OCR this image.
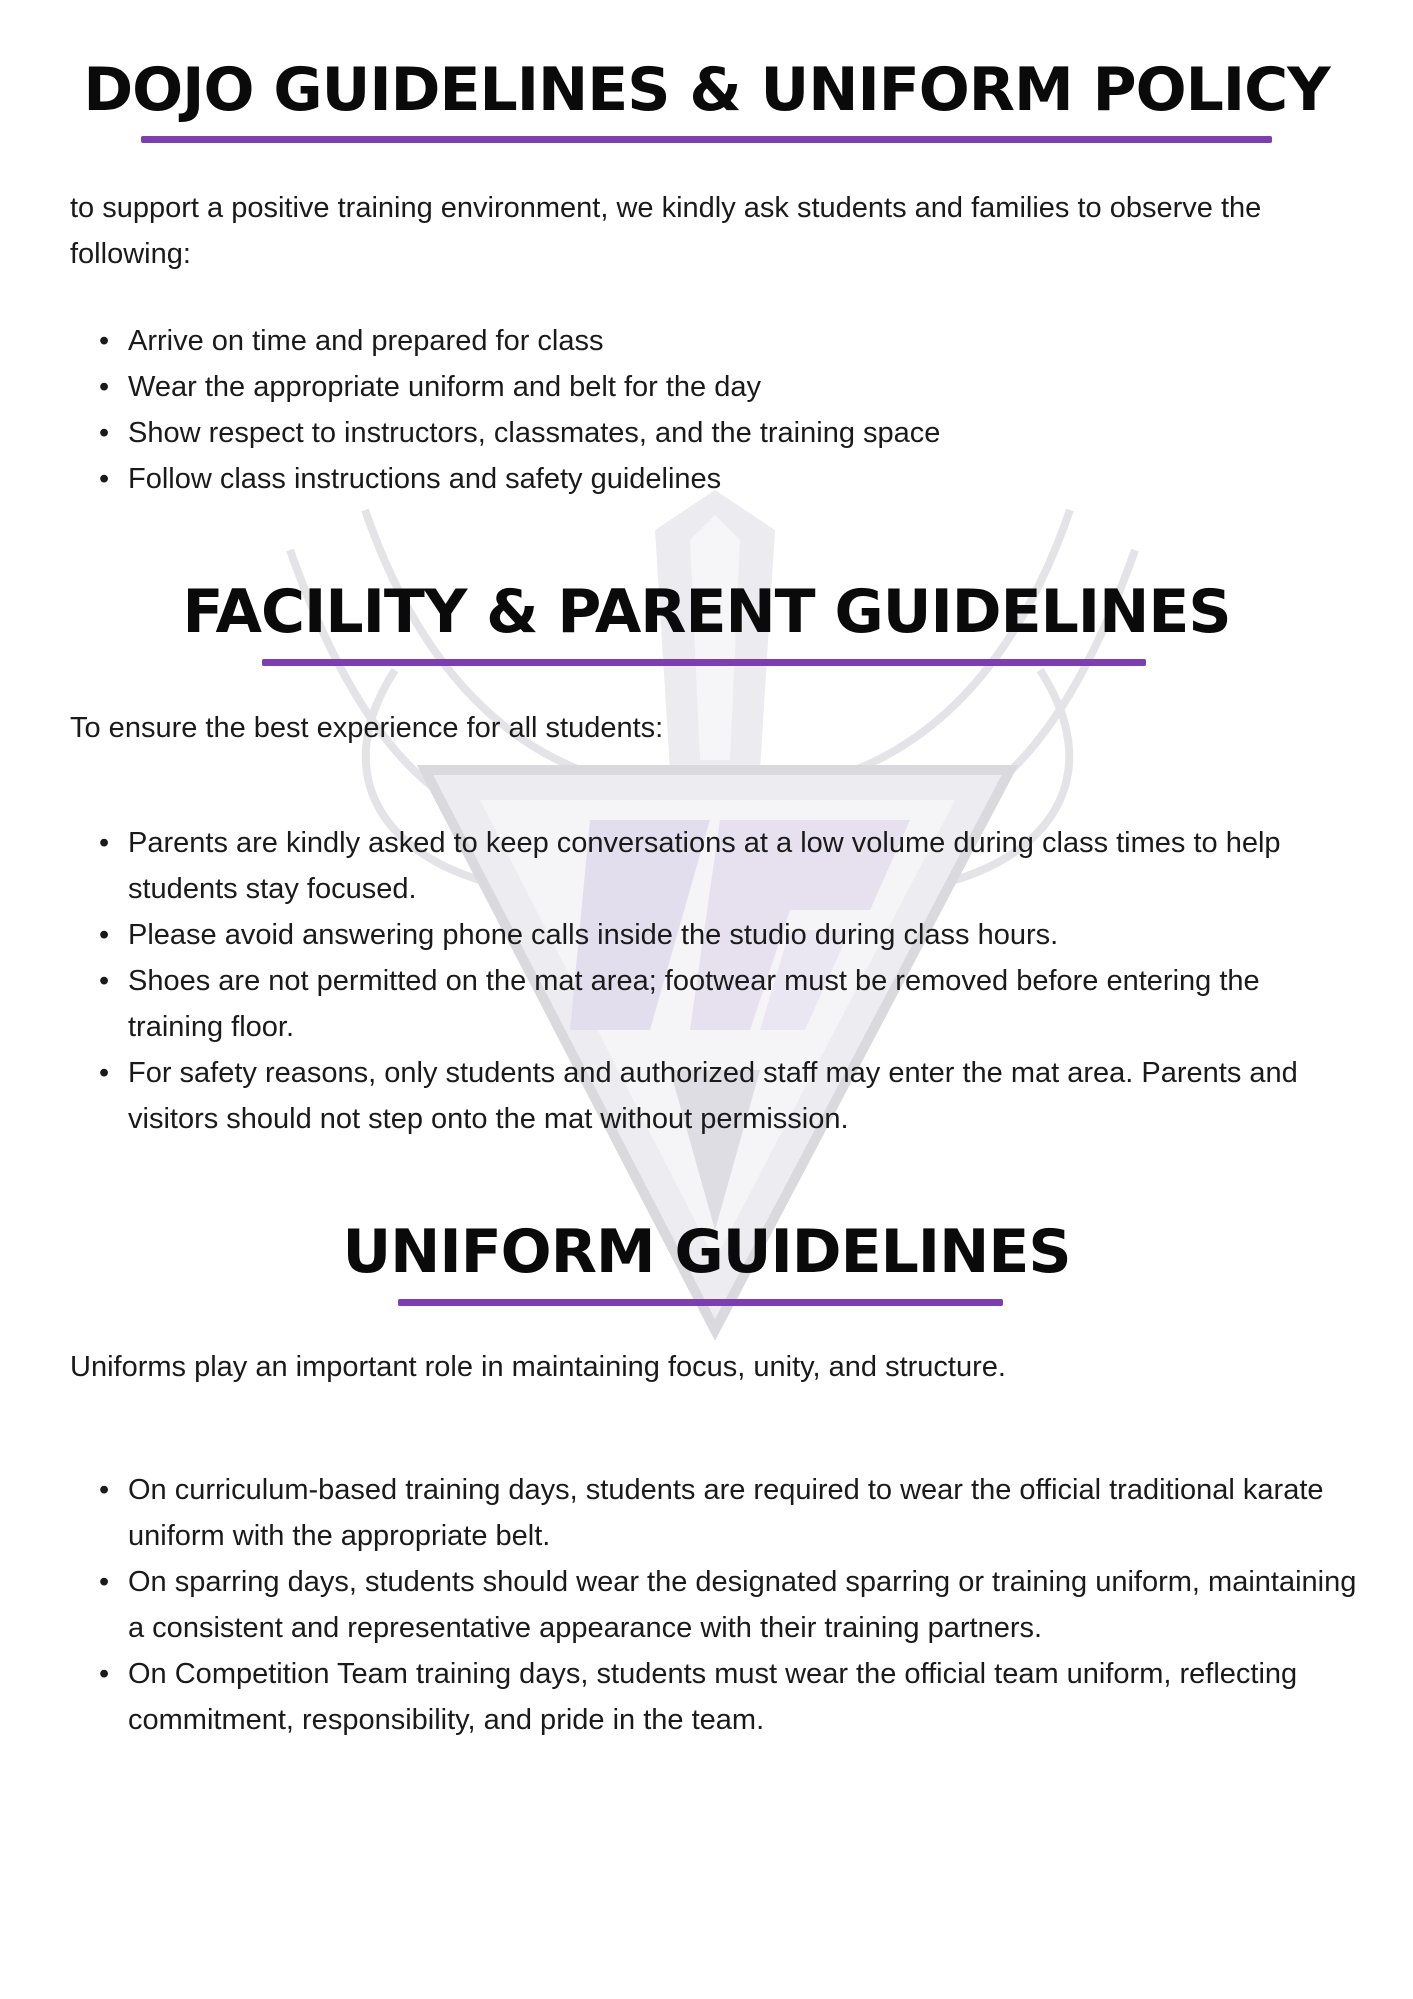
DOJO GUIDELINES & UNIFORM POLICY

to support a positive training environment, we kindly ask students and families to observe the following:

• Arrive on time and prepared for class
• Wear the appropriate uniform and belt for the day
• Show respect to instructors, classmates, and the training space
• Follow class instructions and safety guidelines
FACILITY & PARENT GUIDELINES

To ensure the best experience for all students:

• Parents are kindly asked to keep conversations at a low volume during class times to help students stay focused.
• Please avoid answering phone calls inside the studio during class hours.
• Shoes are not permitted on the mat area; footwear must be removed before entering the training floor.
• For safety reasons, only students and authorized staff may enter the mat area. Parents and visitors should not step onto the mat without permission.
UNIFORM GUIDELINES

Uniforms play an important role in maintaining focus, unity, and structure.

• On curriculum-based training days, students are required to wear the official traditional karate uniform with the appropriate belt.
• On sparring days, students should wear the designated sparring or training uniform, maintaining a consistent and representative appearance with their training partners.
• On Competition Team training days, students must wear the official team uniform, reflecting commitment, responsibility, and pride in the team.
